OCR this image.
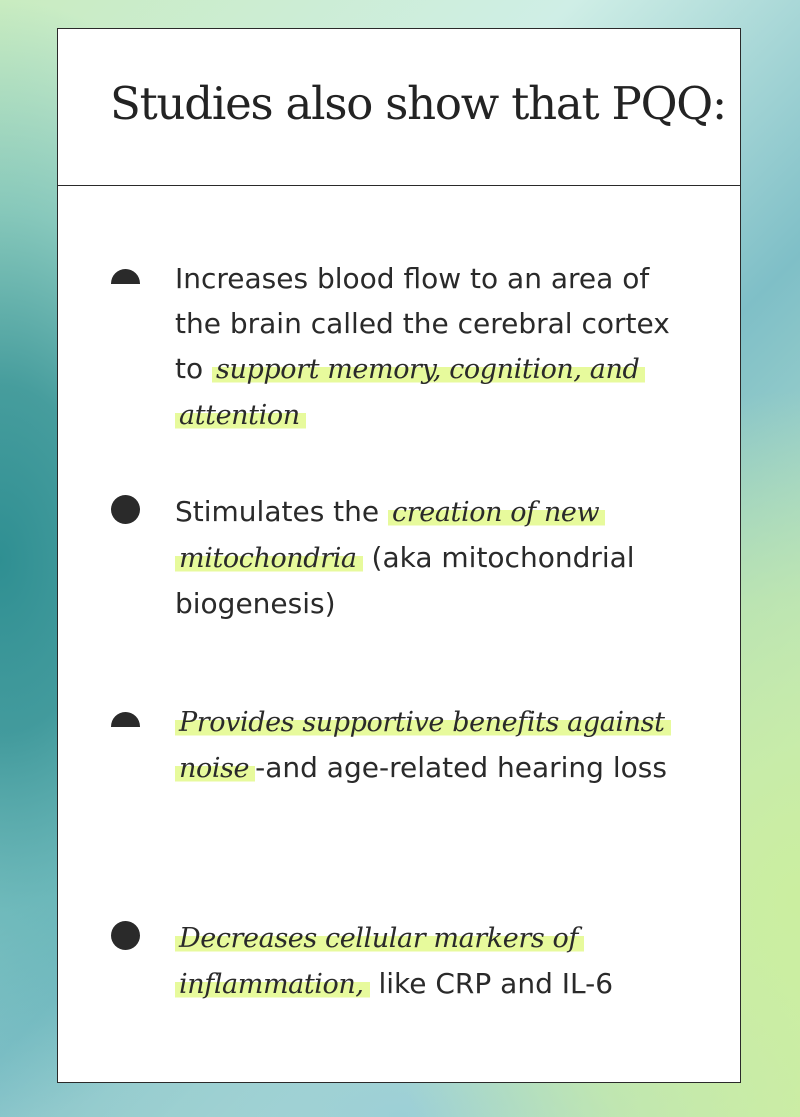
Studies also show that PQQ:

Increases blood flow to an area of the brain called the cerebral cortex to support memory, cognition, and attention

Stimulates the creation of new mitochondria (aka mitochondrial biogenesis)

Provides supportive benefits against noise -and age-related hearing loss

Decreases cellular markers of inflammation, like CRP and IL-6
